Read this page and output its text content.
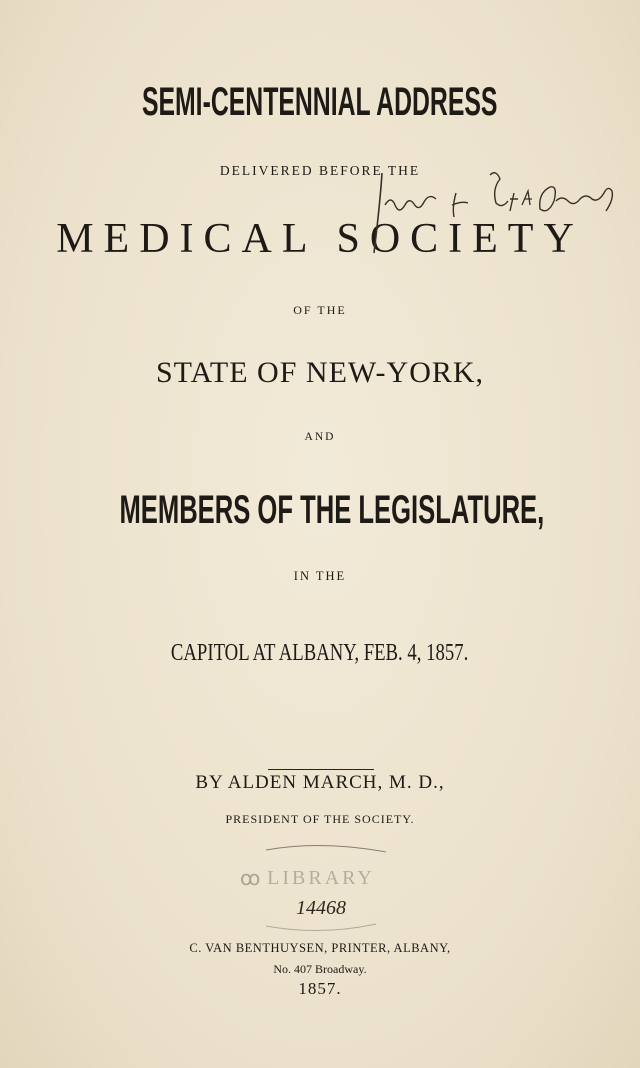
SEMI-CENTENNIAL ADDRESS
DELIVERED BEFORE THE
MEDICAL SOCIETY
OF THE
STATE OF NEW-YORK,
AND
MEMBERS OF THE LEGISLATURE,
IN THE
CAPITOL AT ALBANY, FEB. 4, 1857.
BY ALDEN MARCH, M. D.,
PRESIDENT OF THE SOCIETY.
ꝏ LIBRARY
14468
C. VAN BENTHUYSEN, PRINTER, ALBANY,
No. 407 Broadway.
1857.
